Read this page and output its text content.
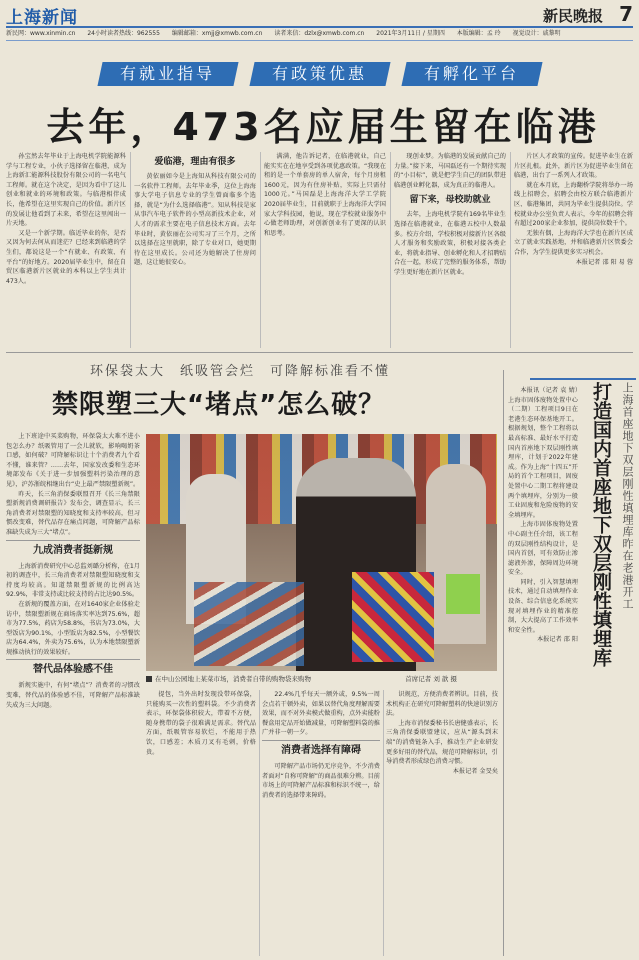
上海新闻	新民晚报 7
新民网：www.xinmin.cn 24小时读者热线：962555 编辑邮箱：xmjj@xmwb.com.cn 读者来信：dzlx@xmwb.com.cn 2021年3月11日 / 星期四 本版编辑：孟 玲 视觉设计：戚黎明
有就业指导	有政策优惠	有孵化平台
去年，473名应届生留在临港

孙宝然去年毕业于上海电机学院能源科学与工程专业，小伙子选择留在临港，成为上海新汇能源科技股份有限公司的一名电气工程师。就在这个决定，是因为看中了这儿创业和就业的环境和政策。与临港相伴成长，他希望在这里实现自己的价值。新片区的发展让他看到了未来，希望在这里闯出一片天地。

又是一个新学期。临近毕业的你，是否又因为何去何从而迷茫？已经来到临港的学生们，都说这是一个“有就业、有政策、有平台”的好地方。2020届毕业生中，留在自贸区临港新片区就业的本科以上学生共计473人。

爱临港，理由有很多

黄依丽如今是上海知从科技有限公司的一名软件工程师。去年毕业季，这位上海海事大学电子信息专业的学生曾面临多个选择，就是“为什么选择临港”。知从科技是家从事汽车电子软件的小型高新技术企业，对人才的需求主要在电子信息技术方面。去年毕业时，黄依丽在公司实习了三个月，之所以选择在这里就职，除了专业对口，她更期待在这里成长。公司还为她解决了住房问题，这让她很安心。

满满，他告诉记者，在临港就业，自己能实实在在地享受到各项优惠政策。“我现在租的是一个单套房的单人宿舍，每个月房租1600元，因为有住房补贴，实际上只需付1000元。”马国磊是上海海洋大学工学院2020届毕业生，目前就职于上海海洋大学国家大学科技园，他说，现在学校就业服务中心做老师助理，对创新创业有了更深的认识和思考。

现创业梦。为临港的发展贡献自己的力量。”接下来，马国磊还有一个期待实现的“小目标”，就是把学生自己的团队带进临港创业孵化器，成为真正的临港人。

留下来，母校助就业

去年，上海电机学院有169名毕业生选择在临港就业，在临港五校中人数最多。校方介绍，学校积极对接新片区各级人才服务和奖励政策，积极对接各类企业，将就业指导、创业孵化和人才招聘结合在一起，形成了完整的服务体系，帮助学生更好地在新片区就业。

片区人才政策的宣传。促进毕业生在新片区扎根。此外，新片区为促进毕业生留在临港，出台了一系列人才政策。

就在本月底，上海翻桥学院将举办一场线上招聘会，招聘会由校方联合临港新片区、临港集团，共同为毕业生提供岗位。学校就业办公室负责人表示，今年的招聘会将有超过200家企业参加，提供岗位数千个。

无独有偶，上海海洋大学也在新片区成立了就业实践基地，并和临港新片区管委会合作，为学生提供更多实习机会。

本报记者 邵 阳 易 蓉

环保袋太大　纸吸管会烂　可降解标准看不懂
禁限塑三大“堵点”怎么破？

上下班途中买菜购物，环保袋太大难不进小包怎么办？纸吸管用了一会儿就软，影响喝奶茶口感，如何破？可降解标识让十个消费者九个看不懂，谁来管？……去年，国家发改委和生态环境部发布《关于进一步加强塑料污染治理的意见》，沪苏浙皖相继出台“史上最严禁限塑新规”。

昨天，长三角消保委联盟召开《长三角禁限塑新规消费调研报告》发布会，调查显示，长三角消费者对禁限塑的知晓度和支持率较高，但习惯改变难，替代品存在痛点问题，可降解产品标准缺失成为三大“堵点”。

九成消费者挺新规

上海新消费研究中心总监刘璐分析称，在1月初的调查中，长三角消费者对禁限塑知晓度和支持度均较高。知道禁限塑新规的比例高达92.9%，非常支持或比较支持的占比达90.5%。

在新规的覆盖方面，在对1640家企业体验走访中，禁限塑新规在商场落实率达到75.6%，超市为77.5%，药店为58.8%，书店为73.0%，大型饭店为90.1%，小型饭店为82.5%，小型餐饮店为64.4%，外卖为75.6%，认为本地禁限塑新规推动执行的效果较好。

替代品体验感不佳

新规实施中，有何“堵点”？消费者的习惯改变难，替代品的体验感不佳，可降解产品标准缺失成为三大问题。

在中山公园地上某菜市场，消费者自带的购物袋来购物	首席记者 刘 歆 摄

提包，当外出时发现没带环保袋，只能购买一次性的塑料袋。不少消费者表示，环保袋体积较大，带着不方便，随身携带的袋子很难满足需求。替代品方面，纸吸管容易软烂，不能用于热饮，口感差；木质刀叉有毛刺，价格贵。

22.4%几乎每天一额外或，9.5%一周会点若干顿外卖，如果以替代角度理解需要效果，而不对外卖模式做重构，点外卖能粉餐盒用定品开始做减量，可降解塑料袋的推广并非一朝一夕。

消费者选择有障碍

可降解产品市场仍无序竞争，不少消费者面对“自称可降解”的商品很难分辨。目前市场上的可降解产品标准和标识不统一，给消费者的选择带来障碍。

识规范，方便消费者辨识。目前，技术机构正在研究可降解塑料的快速识别方法。

上海市消保委秘书长唐健盛表示，长三角消保委联盟建议，应从“源头到末端”的消费链条入手，推动生产企业研发更多好用的替代品，规范可降解标识，引导消费者形成绿色消费习惯。

本报记者 金旻矣

本报讯（记者 袁 婧）上海市固体废物处置中心（二期）工程项目9日在老港生态环保基地开工。根据规划，整个工程将以最高标准、最好水平打造国内首座地下双层刚性填埋库，计划于2022年建成。作为上海“十四五”开局的首个工程项目，固废处置中心二期工程将建设两个填埋库，分别为一般工业固废和危险废物的安全填埋库。

上海市固体废物处置中心副主任介绍，该工程的双层刚性结构设计，是国内首创，可有效防止渗滤液外渗，保障周边环境安全。

同时，引入智慧填埋技术，通过自动填埋作业设备、综合信息化系统实现对填埋作业的精准控制，大大提高了工作效率和安全性。

本报记者 邵 阳 打造国内首座地下双层刚性填埋库 上海首座地下双层刚性填埋库昨在老港开工
